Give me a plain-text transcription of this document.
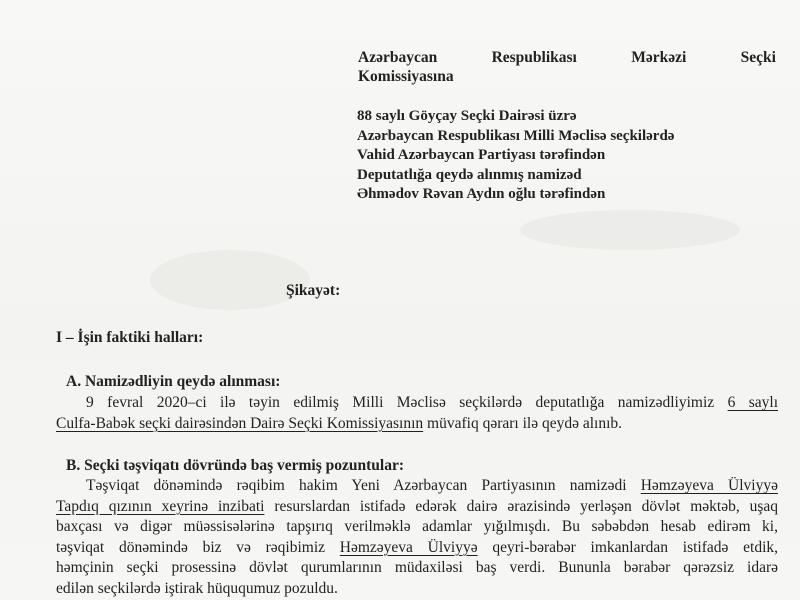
Azərbaycan	Respublikası	Mərkəzi	Seçki
Komissiyasına
88 saylı Göyçay Seçki Dairəsi üzrə
Azərbaycan Respublikası Milli Məclisə seçkilərdə
Vahid Azərbaycan Partiyası tərəfindən
Deputatlığa qeydə alınmış namizəd
Əhmədov Rəvan Aydın oğlu tərəfindən
Şikayət:
I – İşin faktiki halları:
A. Namizədliyin qeydə alınması:
9 fevral 2020–ci ilə təyin edilmiş Milli Məclisə seçkilərdə deputatlığa namizədliyimiz 6 saylı
Culfa-Babək seçki dairəsindən Dairə Seçki Komissiyasının müvafiq qərarı ilə qeydə alınıb.
B. Seçki təşviqatı dövründə baş vermiş pozuntular:
Təşviqat dönəmində rəqibim hakim Yeni Azərbaycan Partiyasının namizədi Həmzəyeva Ülviyyə
Tapdıq qızının xeyrinə inzibati resurslardan istifadə edərək dairə ərazisində yerləşən dövlət məktəb, uşaq
baxçası və digər müəssisələrinə tapşırıq verilməklə adamlar yığılmışdı. Bu səbəbdən hesab edirəm ki,
təşviqat dönəmində biz və rəqibimiz Həmzəyeva Ülviyyə qeyri-bərabər imkanlardan istifadə etdik,
həmçinin seçki prosessinə dövlət qurumlarının müdaxiləsi baş verdi. Bununla bərabər qərəzsiz idarə
edilən seçkilərdə iştirak hüququmuz pozuldu.
